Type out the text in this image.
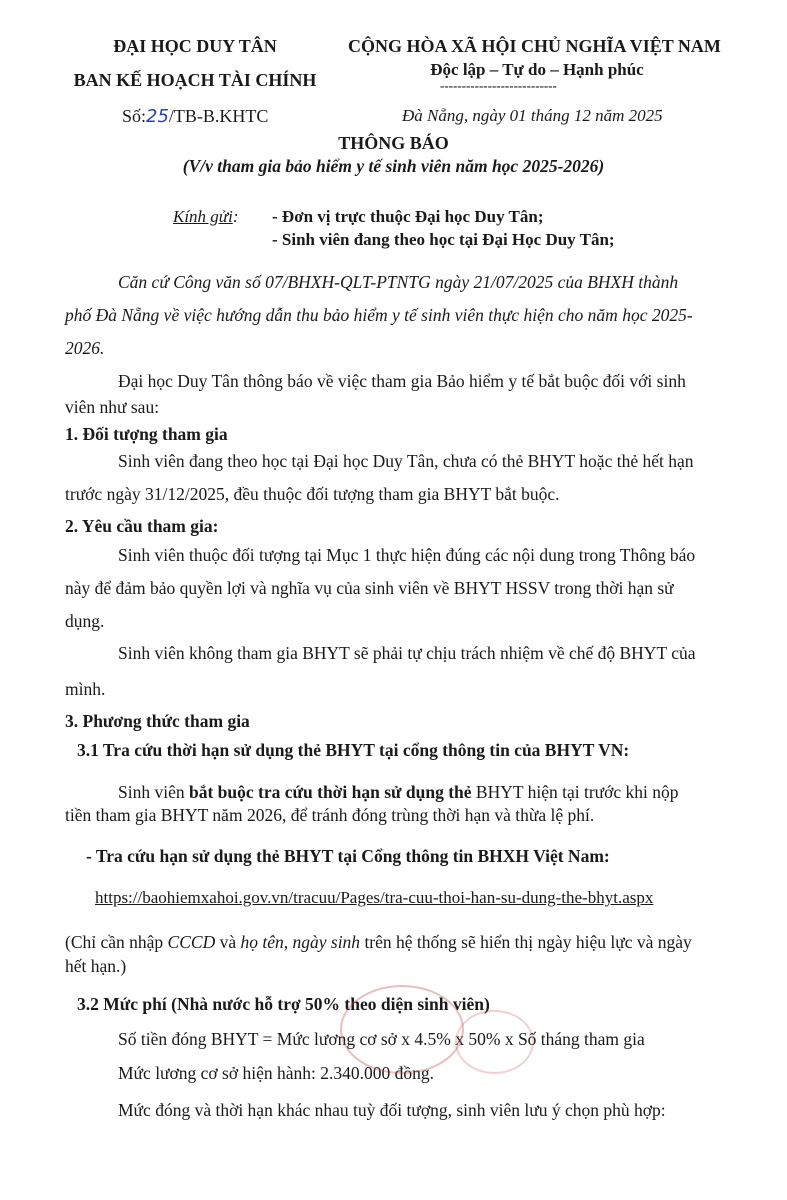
ĐẠI HỌC DUY TÂN
BAN KẾ HOẠCH TÀI CHÍNH
Số:25/TB-B.KHTC
CỘNG HÒA XÃ HỘI CHỦ NGHĨA VIỆT NAM
Độc lập – Tự do – Hạnh phúc
---------------------------
Đà Nẵng, ngày 01 tháng 12 năm 2025
THÔNG BÁO
(V/v tham gia bảo hiểm y tế sinh viên năm học 2025-2026)
Kính gửi: - Đơn vị trực thuộc Đại học Duy Tân;
- Sinh viên đang theo học tại Đại Học Duy Tân;
Căn cứ Công văn số 07/BHXH-QLT-PTNTG ngày 21/07/2025 của BHXH thành
phố Đà Nẵng về việc hướng dẫn thu bảo hiểm y tế sinh viên thực hiện cho năm học 2025-
2026.
Đại học Duy Tân thông báo về việc tham gia Bảo hiểm y tế bắt buộc đối với sinh
viên như sau:
1. Đối tượng tham gia
Sinh viên đang theo học tại Đại học Duy Tân, chưa có thẻ BHYT hoặc thẻ hết hạn
trước ngày 31/12/2025, đều thuộc đối tượng tham gia BHYT bắt buộc.
2. Yêu cầu tham gia:
Sinh viên thuộc đối tượng tại Mục 1 thực hiện đúng các nội dung trong Thông báo
này để đảm bảo quyền lợi và nghĩa vụ của sinh viên về BHYT HSSV trong thời hạn sử
dụng.
Sinh viên không tham gia BHYT sẽ phải tự chịu trách nhiệm về chế độ BHYT của
mình.
3. Phương thức tham gia
3.1 Tra cứu thời hạn sử dụng thẻ BHYT tại cổng thông tin của BHYT VN:
Sinh viên bắt buộc tra cứu thời hạn sử dụng thẻ BHYT hiện tại trước khi nộp
tiền tham gia BHYT năm 2026, để tránh đóng trùng thời hạn và thừa lệ phí.
- Tra cứu hạn sử dụng thẻ BHYT tại Cổng thông tin BHXH Việt Nam:
https://baohiemxahoi.gov.vn/tracuu/Pages/tra-cuu-thoi-han-su-dung-the-bhyt.aspx
(Chỉ cần nhập CCCD và họ tên, ngày sinh trên hệ thống sẽ hiển thị ngày hiệu lực và ngày
hết hạn.)
3.2 Mức phí (Nhà nước hỗ trợ 50% theo diện sinh viên)
Số tiền đóng BHYT = Mức lương cơ sở x 4.5% x 50% x Số tháng tham gia
Mức lương cơ sở hiện hành: 2.340.000 đồng.
Mức đóng và thời hạn khác nhau tuỳ đối tượng, sinh viên lưu ý chọn phù hợp:
